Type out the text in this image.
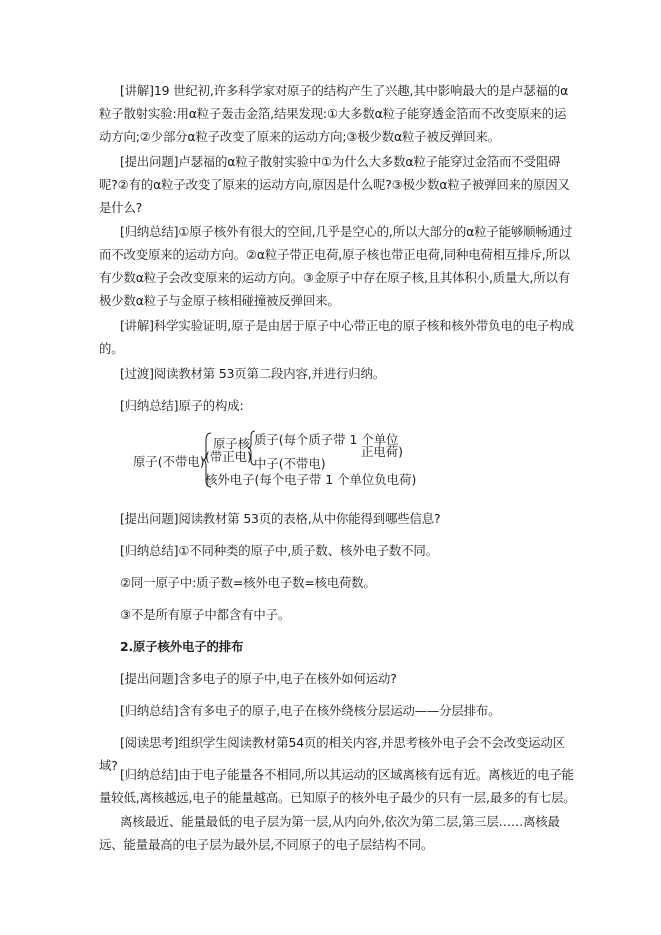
[讲解]19 世纪初,许多科学家对原子的结构产生了兴趣,其中影响最大的是卢瑟福的α粒子散射实验:用α粒子轰击金箔,结果发现:①大多数α粒子能穿透金箔而不改变原来的运动方向;②少部分α粒子改变了原来的运动方向;③极少数α粒子被反弹回来。

[提出问题]卢瑟福的α粒子散射实验中①为什么大多数α粒子能穿过金箔而不受阻碍呢?②有的α粒子改变了原来的运动方向,原因是什么呢?③极少数α粒子被弹回来的原因又是什么?

[归纳总结]①原子核外有很大的空间,几乎是空心的,所以大部分的α粒子能够顺畅通过而不改变原来的运动方向。②α粒子带正电荷,原子核也带正电荷,同种电荷相互排斥,所以有少数α粒子会改变原来的运动方向。③金原子中存在原子核,且其体积小,质量大,所以有极少数α粒子与金原子核相碰撞被反弹回来。

[讲解]科学实验证明,原子是由居于原子中心带正电的原子核和核外带负电的电子构成的。

[过渡]阅读教材第 53页第二段内容,并进行归纳。

[归纳总结]原子的构成:

原子(不带电)
原子核
(带正电)
质子(每个质子带 1 个单位
正电荷)
中子(不带电)
核外电子(每个电子带 1 个单位负电荷)

[提出问题]阅读教材第 53页的表格,从中你能得到哪些信息?

[归纳总结]①不同种类的原子中,质子数、核外电子数不同。

②同一原子中:质子数=核外电子数=核电荷数。

③不是所有原子中都含有中子。

2.原子核外电子的排布

[提出问题]含多电子的原子中,电子在核外如何运动?

[归纳总结]含有多电子的原子,电子在核外绕核分层运动——分层排布。

[阅读思考]组织学生阅读教材第54页的相关内容,并思考核外电子会不会改变运动区域?

[归纳总结]由于电子能量各不相同,所以其运动的区域离核有远有近。离核近的电子能量较低,离核越远,电子的能量越高。已知原子的核外电子最少的只有一层,最多的有七层。

离核最近、能量最低的电子层为第一层,从内向外,依次为第二层,第三层……离核最远、能量最高的电子层为最外层,不同原子的电子层结构不同。
